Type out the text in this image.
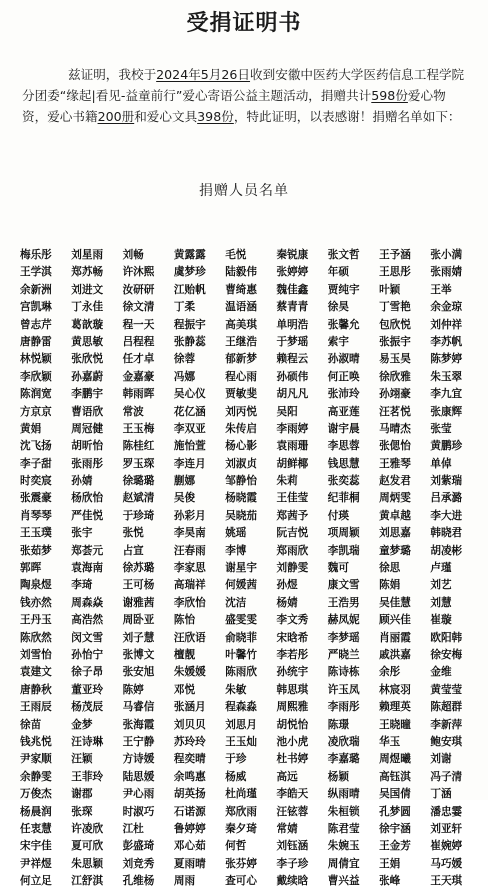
受捐证明书
兹证明，我校于2024年5月26日收到安徽中医药大学医药信息工程学院分团委“缘起|看见-益童前行”爱心寄语公益主题活动，捐赠共计598份爱心物资，爱心书籍200册和爱心文具398份，特此证明，以表感谢！捐赠名单如下：
捐赠人员名单
梅乐彤	刘星雨	刘畅	黄露露	毛悦	秦锐康	张文哲	王予涵	张小满
王学淇	郑苏畅	许沐熙	虞梦珍	陆毅伟	张婷婷	年硕	王思彤	张雨婧
余新洲	刘进文	汝研研	江贻帆	曹绮惠	魏佳鑫	贾纯宇	叶颖	王举
宫凯琳	丁永佳	徐文清	丁柔	温语涵	蔡青青	徐昊	丁雪艳	余金琼
曾志芹	葛歆璇	程一天	程振宇	高美琪	单明浩	张馨允	包欣悦	刘仲祥
唐静雷	黄思敏	吕程程	张静蕊	王继浩	于梦瑶	索宇	张振宇	李苏帆
林悦颖	张欣悦	任才卓	徐蓉	郁新梦	赖程云	孙淑晴	易玉昊	陈梦婷
李欣颖	孙嘉蔚	金嘉豪	冯娜	程心雨	孙硕伟	何正唤	徐欣雅	朱玉翠
陈润宽	李鹏宇	韩雨晖	吴心仪	贾敏斐	胡凡凡	张沛玲	孙翊豪	李九宜
方京京	曹语欣	常波	花亿涵	刘丙悦	吴阳	高亚莲	汪茗悦	张康辉
黄娟	周冠健	王玉梅	李双亚	朱传启	李雨婷	谢宇晨	马晴杰	张莹
沈飞扬	胡昕怡	陈桂红	施怡萱	杨心影	袁雨珊	李思蓉	张偲怡	黄鹏珍
李子甜	张雨彤	罗玉琛	李连月	刘淑贞	胡鲜椰	钱思慧	王雅琴	单倬
时奕宸	孙婧	徐璐璐	蒯娜	邹静怡	朱莉	张奕蕊	赵发君	刘紫瑞
张震豪	杨欣怡	赵斌清	吴俊	杨晓霞	王佳莹	纪菲桐	周炳雯	吕承潞
肖琴琴	严佳悦	于珍琦	孙彩月	吴晓茄	郑茜予	付瑛	黄卓越	李大进
王玉璞	张宇	张悦	李昊南	姚瑶	阮吉悦	项周颖	刘思嘉	韩晓君
张茹梦	郑荟元	占宣	汪春雨	李博	郑雨欣	李凯瑞	童梦璐	胡凌彬
郭晖	袁海南	徐苏璐	李家思	谢星宇	刘静雯	魏可	徐思	卢瑾
陶泉煜	李琦	王可杨	高瑞祥	何媛茜	孙煜	康文雪	陈娟	刘艺
钱亦然	周森焱	谢雅茜	李欣怡	沈洁	杨婧	王浩男	吴佳慧	刘慧
王丹玉	高浩然	周卧亚	陈怡	盛雯雯	李文秀	赫凤妮	顾兴佳	崔璇
陈欣然	闵文雪	刘子慧	汪欣语	俞晓菲	宋晗希	李梦瑶	肖丽霞	欧阳韩
刘雪怡	孙怡宁	张博文	檀靓	叶馨竹	李若彤	严晓兰	戚洪嘉	徐安梅
袁建文	徐子昂	张安旭	朱媛媛	陈雨欣	孙统宇	陈诗栋	余彤	金维
唐静秋	董亚玲	陈婷	邓悦	朱敏	韩思琪	许玉凤	林宸羽	黄莹莹
王雨辰	杨茂辰	马睿信	张涵月	程森淼	周熙雅	李雨彤	赖理英	陈超群
徐苗	金梦	张海霞	刘贝贝	刘思月	胡悦怡	陈璟	王晓曈	李新萍
钱兆悦	汪诗琳	王宁静	苏玲玲	王玉灿	池小虎	凌欣瑞	华玉	鲍安琪
尹家顺	汪颖	方诗媛	程奕晴	于珍	杜书婷	李嘉璐	周煜曦	刘谢
余静雯	王菲玲	陆思媛	余鸣惠	杨威	高远	杨颖	高钰淇	冯子清
万俊杰	谢郡	尹心雨	胡英扬	杜尚瑾	李皓天	纵雨晴	吴国倩	丁涵
杨晨润	张琛	时淑巧	石诺源	郑欣雨	汪铉蓉	朱桓锁	孔梦圆	潘忠霎
任衷慧	许凌欣	江杜	鲁婷婷	秦夕琦	常婧	陈君莹	徐宇涵	刘亚轩
宋宇佳	夏可欣	彭盛琦	邓心茹	何哲	刘钰涵	朱婉玉	王金芳	崔婉婷
尹祥煜	朱思颖	刘竞秀	夏雨晴	张芬婷	李子珍	周倩宜	王娟	马巧媛
何立足	江舒淇	孔维杨	周雨	查可心	戴续晗	曹兴益	张峰	王天琪
